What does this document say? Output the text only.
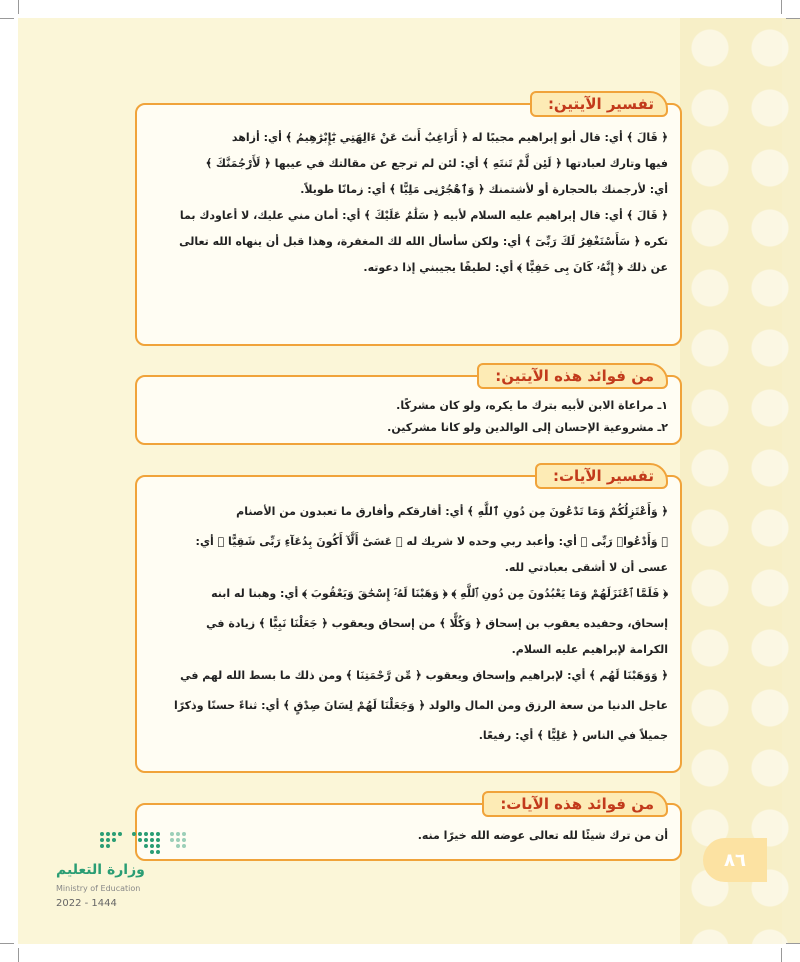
تفسير الآيتين:
﴿ قَالَ ﴾ أي: قال أبو إبراهيم مجيبًا له ﴿ أَرَاغِبٌ أَنتَ عَنْ ءَالِهَتِي يَٰٓإِبْرَٰهِيمُ ﴾ أي: أزاهد
فيها وتارك لعبادتها ﴿ لَئِن لَّمْ تَنتَهِ ﴾ أي: لئن لم ترجع عن مقالتك في عيبها ﴿ لَأَرْجُمَنَّكَ ﴾
أي: لأرجمنك بالحجارة أو لأشتمنك ﴿ وَٱهْجُرْنِى مَلِيًّا ﴾ أي: زمانًا طويلاً.
﴿ قَالَ ﴾ أي: قال إبراهيم عليه السلام لأبيه ﴿ سَلَٰمٌ عَلَيْكَ ﴾ أي: أمان مني عليك، لا أعاودك بما
تكره ﴿ سَأَسْتَغْفِرُ لَكَ رَبِّىٓ ﴾ أي: ولكن سأسأل الله لك المغفرة، وهذا قبل أن ينهاه الله تعالى
عن ذلك ﴿ إِنَّهُۥ كَانَ بِى حَفِيًّا ﴾ أي: لطيفًا يجيبني إذا دعوته.
من فوائد هذه الآيتين:
١ـ مراعاة الابن لأبيه بترك ما يكره، ولو كان مشركًا.
٢ـ مشروعية الإحسان إلى الوالدين ولو كانا مشركين.
تفسير الآيات:
﴿ وَأَعْتَزِلُكُمْ وَمَا تَدْعُونَ مِن دُونِ ٱللَّهِ ﴾ أي: أفارقكم وأفارق ما تعبدون من الأصنام
﴿ وَأَدْعُوا۟ رَبِّى ﴾ أي: وأعبد ربي وحده لا شريك له ﴿ عَسَىٰٓ أَلَّآ أَكُونَ بِدُعَآءِ رَبِّى شَقِيًّا ﴾ أي:
عسى أن لا أشقى بعبادتي لله.
﴿ فَلَمَّا ٱعْتَزَلَهُمْ وَمَا يَعْبُدُونَ مِن دُونِ ٱللَّهِ ﴾ ﴿ وَهَبْنَا لَهُۥٓ إِسْحَٰقَ وَيَعْقُوبَ ﴾ أي: وهبنا له ابنه
إسحاق، وحفيده يعقوب بن إسحاق ﴿ وَكُلًّا ﴾ من إسحاق ويعقوب ﴿ جَعَلْنَا نَبِيًّا ﴾ زيادة في
الكرامة لإبراهيم عليه السلام.
﴿ وَوَهَبْنَا لَهُم ﴾ أي: لإبراهيم وإسحاق ويعقوب ﴿ مِّن رَّحْمَتِنَا ﴾ ومن ذلك ما بسط الله لهم في
عاجل الدنيا من سعة الرزق ومن المال والولد ﴿ وَجَعَلْنَا لَهُمْ لِسَانَ صِدْقٍ ﴾ أي: ثناءً حسنًا وذكرًا
جميلاً في الناس ﴿ عَلِيًّا ﴾ أي: رفيعًا.
من فوائد هذه الآيات:
أن من ترك شيئًا لله تعالى عوضه الله خيرًا منه.
٨٦
وزارة التعليم
Ministry of Education
2022 - 1444
